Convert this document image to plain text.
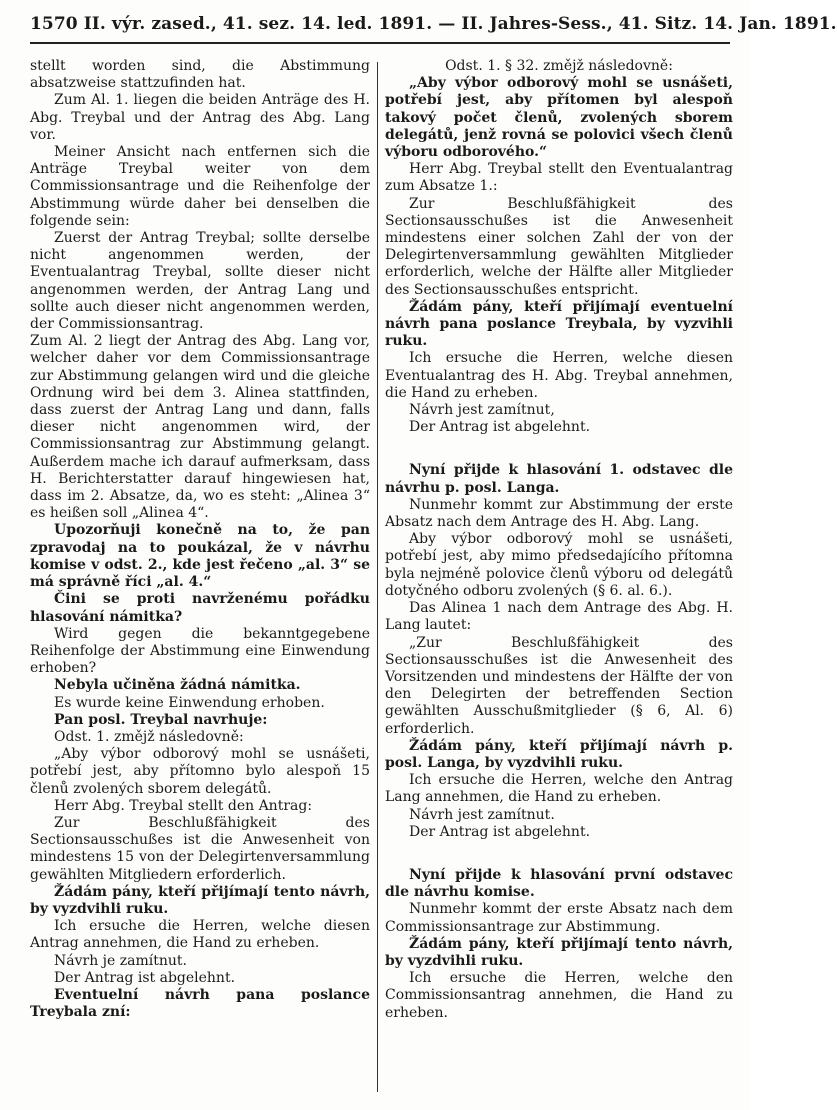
1570 II. výr. zased., 41. sez. 14. led. 1891. — II. Jahres-Sess., 41. Sitz. 14. Jan. 1891.

stellt worden sind, die Abstimmung absatzweise stattzufinden hat.

Zum Al. 1. liegen die beiden Anträge des H. Abg. Treybal und der Antrag des Abg. Lang vor.

Meiner Ansicht nach entfernen sich die Anträge Treybal weiter von dem Commissionsantrage und die Reihenfolge der Abstimmung würde daher bei denselben die folgende sein:

Zuerst der Antrag Treybal; sollte derselbe nicht angenommen werden, der Eventualantrag Treybal, sollte dieser nicht angenommen werden, der Antrag Lang und sollte auch dieser nicht angenommen werden, der Commissionsantrag.

Zum Al. 2 liegt der Antrag des Abg. Lang vor, welcher daher vor dem Commissionsantrage zur Abstimmung gelangen wird und die gleiche Ordnung wird bei dem 3. Alinea stattfinden, dass zuerst der Antrag Lang und dann, falls dieser nicht angenommen wird, der Commissionsantrag zur Abstimmung gelangt. Außerdem mache ich darauf aufmerksam, dass H. Berichterstatter darauf hingewiesen hat, dass im 2. Absatze, da, wo es steht: „Alinea 3“ es heißen soll „Alinea 4“.

Upozorňuji konečně na to, že pan zpravodaj na to poukázal, že v návrhu komise v odst. 2., kde jest řečeno „al. 3“ se má správně říci „al. 4.“

Čini se proti navrženému pořádku hlasování námitka?

Wird gegen die bekanntgegebene Reihenfolge der Abstimmung eine Einwendung erhoben?

Nebyla učiněna žádná námitka.

Es wurde keine Einwendung erhoben.

Pan posl. Treybal navrhuje:

Odst. 1. změjž následovně:

„Aby výbor odborový mohl se usnášeti, potřebí jest, aby přítomno bylo alespoň 15 členů zvolených sborem delegátů.

Herr Abg. Treybal stellt den Antrag:

Zur Beschlußfähigkeit des Sectionsausschußes ist die Anwesenheit von mindestens 15 von der Delegirtenversammlung gewählten Mitgliedern erforderlich.

Žádám pány, kteří přijímají tento návrh, by vyzdvihli ruku.

Ich ersuche die Herren, welche diesen Antrag annehmen, die Hand zu erheben.

Návrh je zamítnut.

Der Antrag ist abgelehnt.

Eventuelní návrh pana poslance Treybala zní:

Odst. 1. § 32. změjž následovně:

„Aby výbor odborový mohl se usnášeti, potřebí jest, aby přítomen byl alespoň takový počet členů, zvolených sborem delegátů, jenž rovná se polovici všech členů výboru odborového.“

Herr Abg. Treybal stellt den Eventualantrag zum Absatze 1.:

Zur Beschlußfähigkeit des Sectionsausschußes ist die Anwesenheit mindestens einer solchen Zahl der von der Delegirtenversammlung gewählten Mitglieder erforderlich, welche der Hälfte aller Mitglieder des Sectionsausschußes entspricht.

Žádám pány, kteří přijímají eventuelní návrh pana poslance Treybala, by vyzvihli ruku.

Ich ersuche die Herren, welche diesen Eventualantrag des H. Abg. Treybal annehmen, die Hand zu erheben.

Návrh jest zamítnut,

Der Antrag ist abgelehnt.

Nyní přijde k hlasování 1. odstavec dle návrhu p. posl. Langa.

Nunmehr kommt zur Abstimmung der erste Absatz nach dem Antrage des H. Abg. Lang.

Aby výbor odborový mohl se usnášeti, potřebí jest, aby mimo předsedajícího přítomna byla nejméně polovice členů výboru od delegátů dotyčného odboru zvolených (§ 6. al. 6.).

Das Alinea 1 nach dem Antrage des Abg. H. Lang lautet:

„Zur Beschlußfähigkeit des Sectionsausschußes ist die Anwesenheit des Vorsitzenden und mindestens der Hälfte der von den Delegirten der betreffenden Section gewählten Ausschußmitglieder (§ 6, Al. 6) erforderlich.

Žádám pány, kteří přijímají návrh p. posl. Langa, by vyzdvihli ruku.

Ich ersuche die Herren, welche den Antrag Lang annehmen, die Hand zu erheben.

Návrh jest zamítnut.

Der Antrag ist abgelehnt.

Nyní přijde k hlasování první odstavec dle návrhu komise.

Nunmehr kommt der erste Absatz nach dem Commissionsantrage zur Abstimmung.

Žádám pány, kteří přijímají tento návrh, by vyzdvihli ruku.

Ich ersuche die Herren, welche den Commissionsantrag annehmen, die Hand zu erheben.
